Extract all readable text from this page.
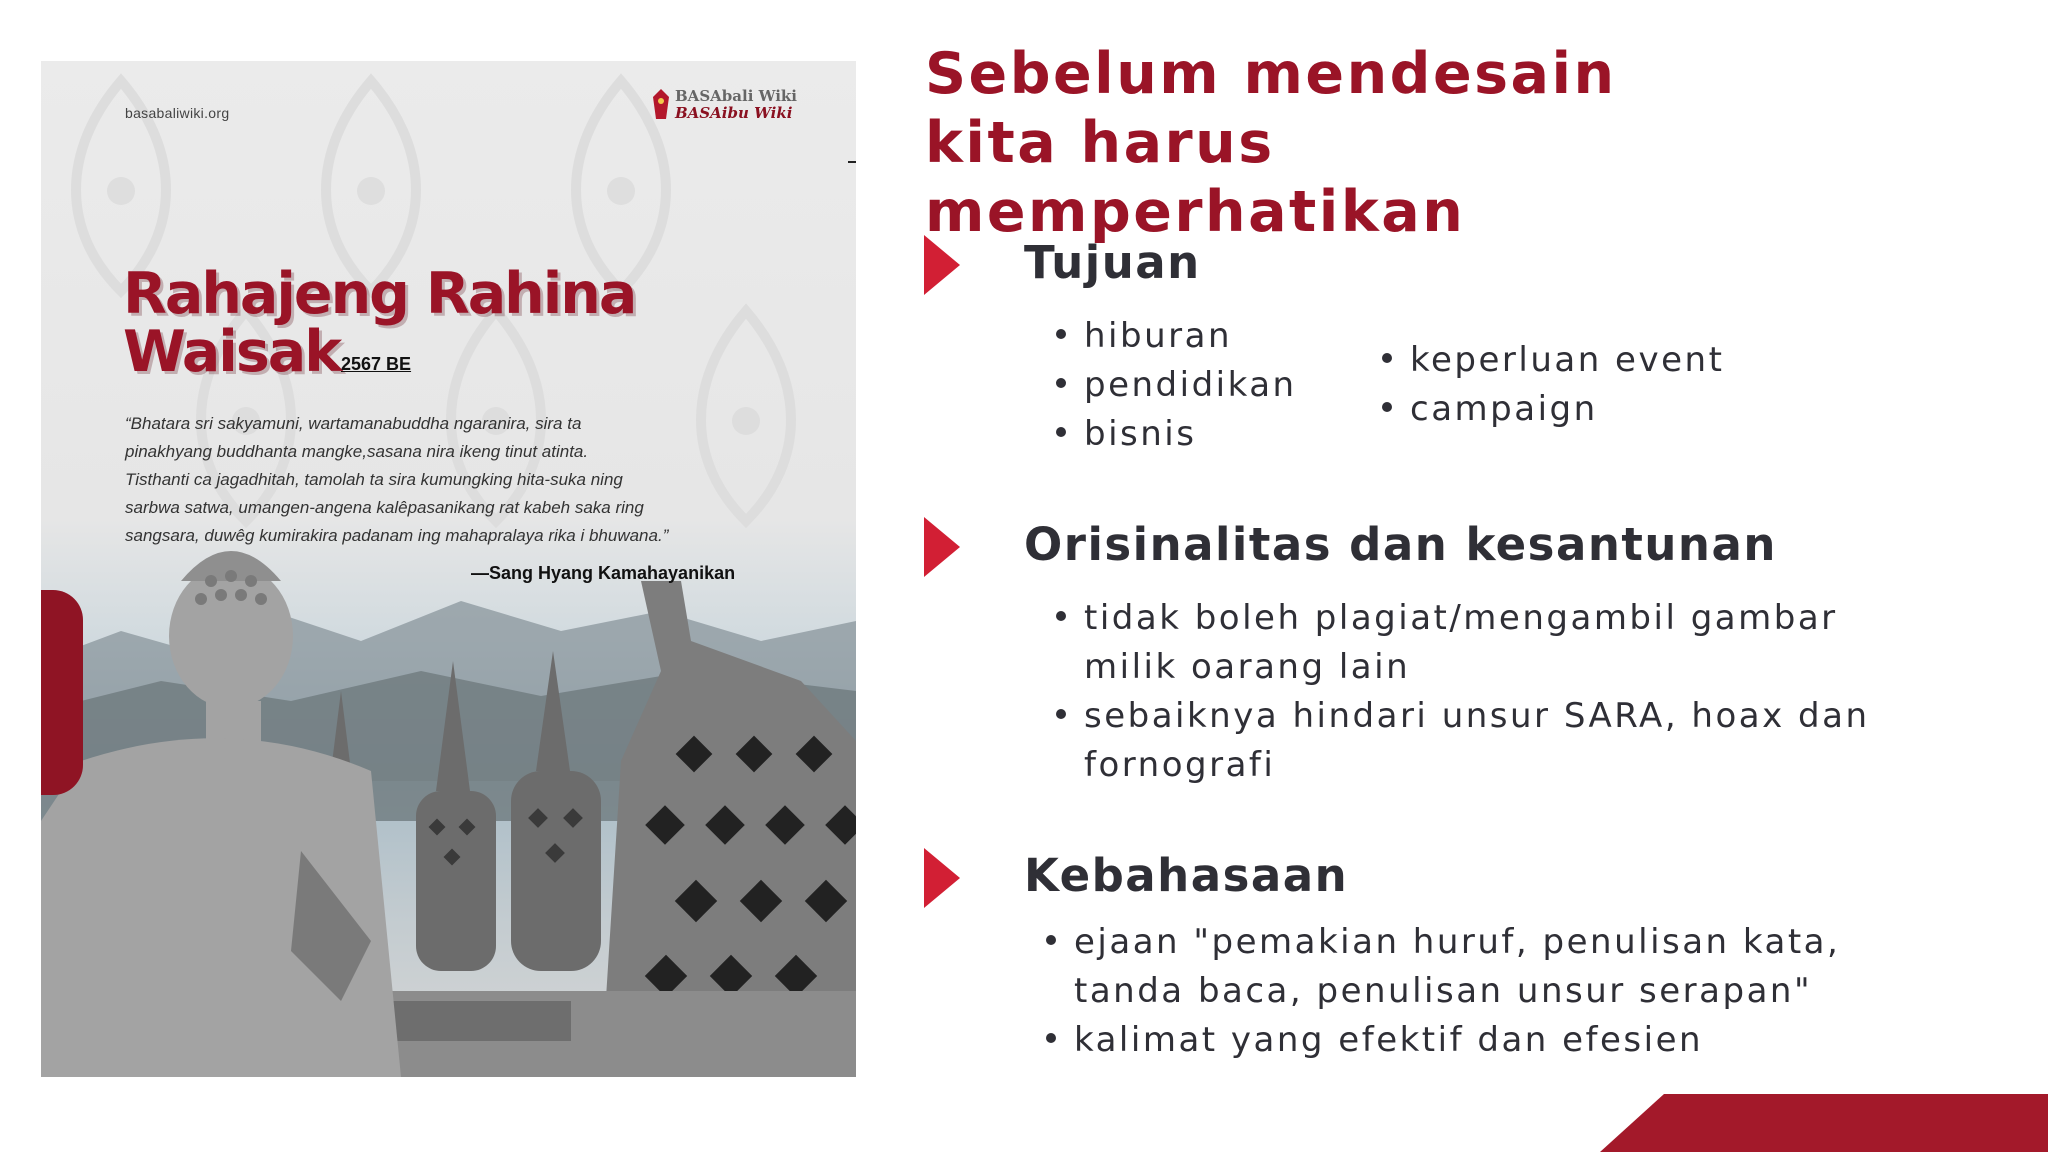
basabaliwiki.org
BASAbali Wiki
BASAibu Wiki
Rahajeng Rahina
Waisak 2567 BE
“Bhatara sri sakyamuni, wartamanabuddha ngaranira, sira ta
pinakhyang buddhanta mangke,sasana nira ikeng tinut atinta.
Tisthanti ca jagadhitah, tamolah ta sira kumungking hita-suka ning
sarbwa satwa, umangen-angena kalêpasanikang rat kabeh saka ring
sangsara, duwêg kumirakira padanam ing mahapralaya rika i bhuwana.”
—Sang Hyang Kamahayanikan
Sebelum mendesain
kita harus
memperhatikan
Tujuan
hiburan
pendidikan
bisnis
keperluan event
campaign
Orisinalitas dan kesantunan
tidak boleh plagiat/mengambil gambar
milik oarang lain
sebaiknya hindari unsur SARA, hoax dan
fornografi
Kebahasaan
ejaan "pemakian huruf, penulisan kata,
tanda baca, penulisan unsur serapan"
kalimat yang efektif dan efesien
